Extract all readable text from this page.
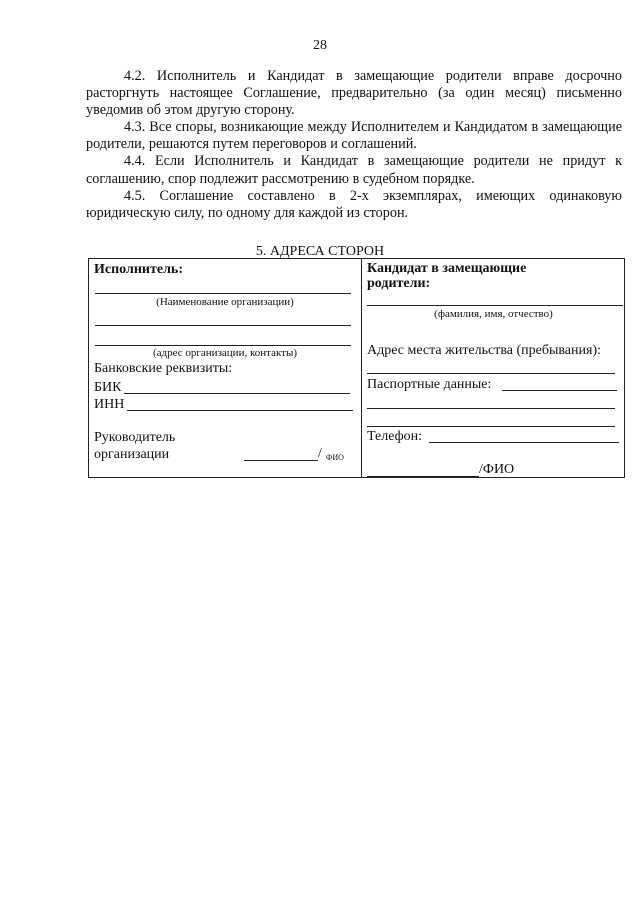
28

4.2. Исполнитель и Кандидат в замещающие родители вправе досрочно расторгнуть настоящее Соглашение, предварительно (за один месяц) письменно уведомив об этом другую сторону.

4.3. Все споры, возникающие между Исполнителем и Кандидатом в замещающие родители, решаются путем переговоров и соглашений.

4.4. Если Исполнитель и Кандидат в замещающие родители не придут к соглашению, спор подлежит рассмотрению в судебном порядке.

4.5. Соглашение составлено в 2-х экземплярах, имеющих одинаковую юридическую силу, по одному для каждой из сторон.

5. АДРЕСА СТОРОН
Исполнитель:
(Наименование организации)
(адрес организации, контакты)
Банковские реквизиты:
БИК
ИНН
Руководитель
организации	/ ФИО
Кандидат в замещающие
родители:
(фамилия, имя, отчество)
Адрес места жительства (пребывания):
Паспортные данные:
Телефон:
/ФИО
